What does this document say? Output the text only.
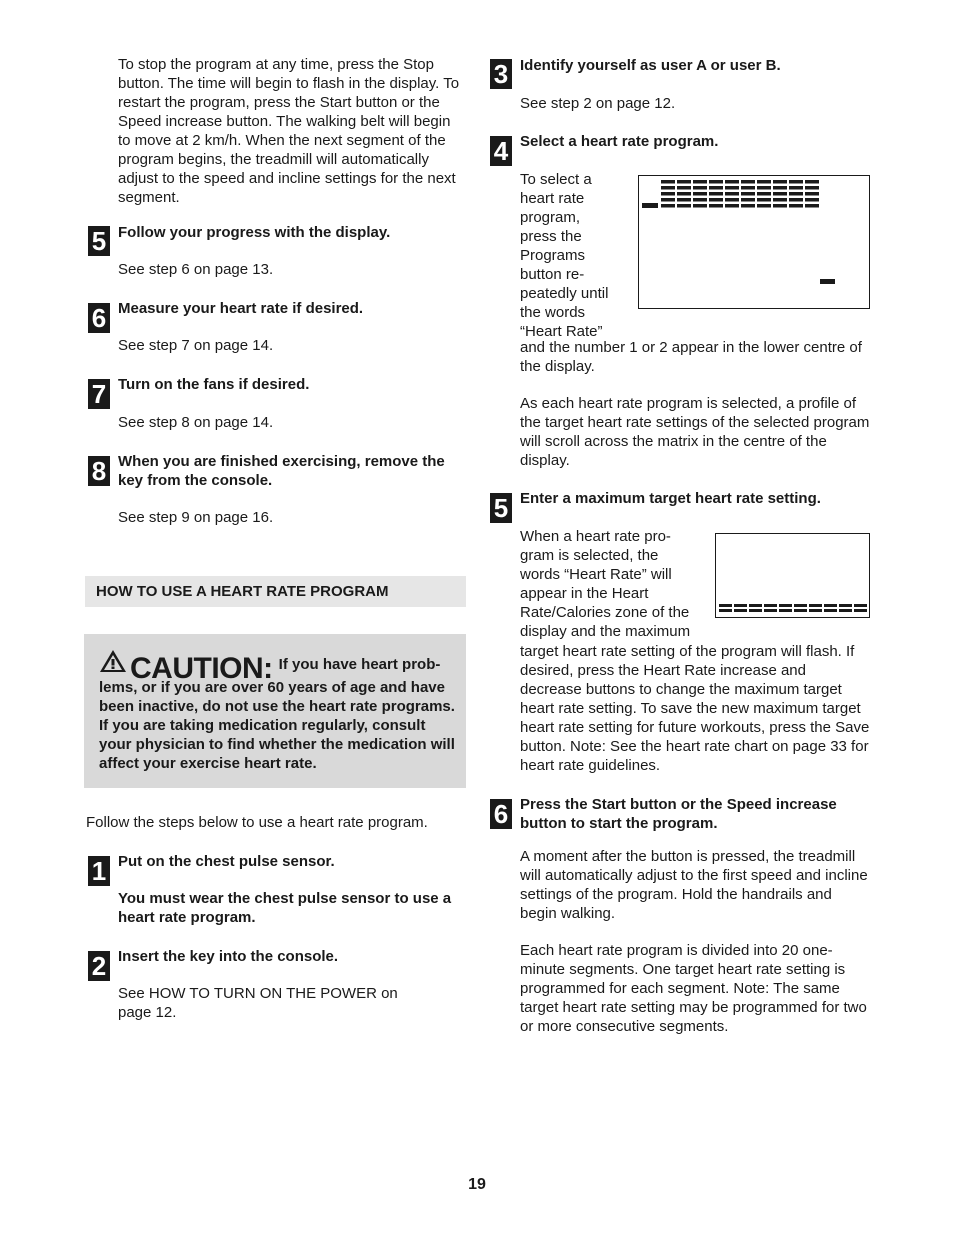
To stop the program at any time, press the Stop button. The time will begin to flash in the display. To restart the program, press the Start button or the Speed increase button. The walking belt will begin to move at 2 km/h. When the next segment of the program begins, the treadmill will automatically adjust to the speed and incline settings for the next segment.

5 Follow your progress with the display.
See step 6 on page 13.
6 Measure your heart rate if desired.
See step 7 on page 14.
7 Turn on the fans if desired.
See step 8 on page 14.
8 When you are finished exercising, remove the key from the console.
See step 9 on page 16.
HOW TO USE A HEART RATE PROGRAM
CAUTION: If you have heart prob-
lems, or if you are over 60 years of age and have been inactive, do not use the heart rate programs. If you are taking medication regularly, consult your physician to find whether the medication will affect your exercise heart rate.
Follow the steps below to use a heart rate program.
1 Put on the chest pulse sensor.
You must wear the chest pulse sensor to use a heart rate program.
2 Insert the key into the console.
See HOW TO TURN ON THE POWER on page 12.
3 Identify yourself as user A or user B.
See step 2 on page 12.
4 Select a heart rate program.
To select a
heart rate
program,
press the
Programs
button re-
peatedly until
the words
“Heart Rate”
and the number 1 or 2 appear in the lower centre of the display.
As each heart rate program is selected, a profile of the target heart rate settings of the selected program will scroll across the matrix in the centre of the display.
5 Enter a maximum target heart rate setting.
When a heart rate pro-
gram is selected, the
words “Heart Rate” will
appear in the Heart
Rate/Calories zone of the
display and the maximum
target heart rate setting of the program will flash. If desired, press the Heart Rate increase and decrease buttons to change the maximum target heart rate setting. To save the new maximum target heart rate setting for future workouts, press the Save button. Note: See the heart rate chart on page 33 for heart rate guidelines.
6 Press the Start button or the Speed increase button to start the program.
A moment after the button is pressed, the treadmill will automatically adjust to the first speed and incline settings of the program. Hold the handrails and begin walking.
Each heart rate program is divided into 20 one-minute segments. One target heart rate setting is programmed for each segment. Note: The same target heart rate setting may be programmed for two or more consecutive segments.
19
